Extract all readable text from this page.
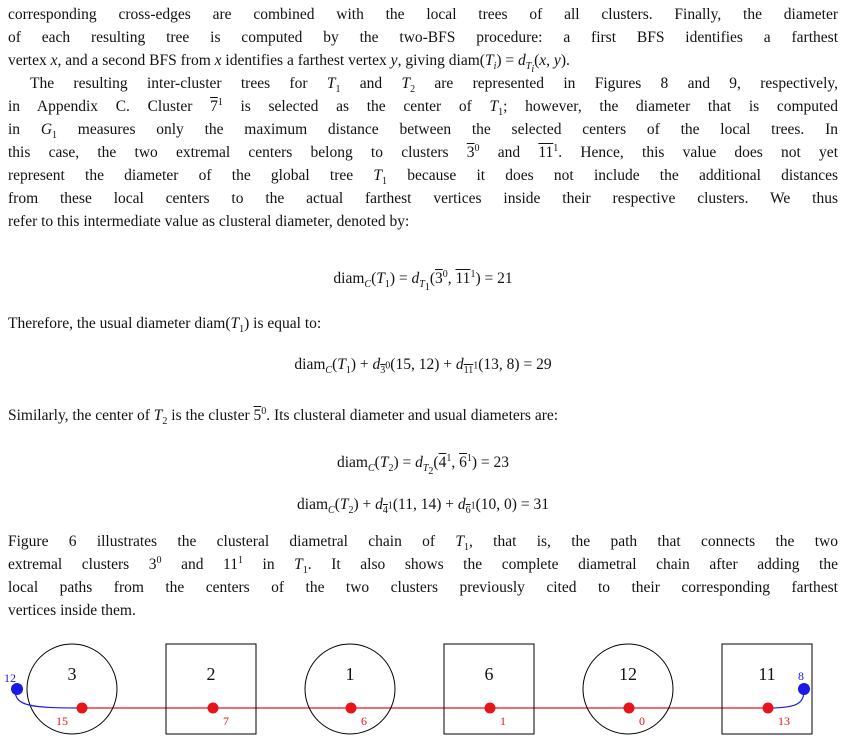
corresponding cross-edges are combined with the local trees of all clusters. Finally, the diameter
of each resulting tree is computed by the two-BFS procedure: a first BFS identifies a farthest
vertex x, and a second BFS from x identifies a farthest vertex y, giving $diam(T_i) = d_{T_i}(x$, y).
The resulting inter-cluster trees for $T_1$ and $T_2$ are represented in Figures 8 and 9, respectively,
in Appendix C. Cluster $7^1$ is selected as the center of $T_1$; however, the diameter that is computed
in $G_1$ measures only the maximum distance between the selected centers of the local trees. In
this case, the two extremal centers belong to clusters $3^0$ and $11^1$. Hence, this value does not yet
represent the diameter of the global tree $T_1$ because it does not include the additional distances
from these local centers to the actual farthest vertices inside their respective clusters. We thus
refer to this intermediate value as clusteral diameter, denoted by:
$diam_C(T_1) = d_{T_1}(3^0$, $11^1) = 21$
Therefore, the usual diameter $diam(T_1)$ is equal to:
$diam_C(T_1) + d_{3^0}(15$, $12) + d_{11^1}(13$, 8) = 29
Similarly, the center of $T_2$ is the cluster $5^0$. Its clusteral diameter and usual diameters are:
$diam_C(T_2) = d_{T_2}(4^1$, $6^1) = 23$
$diam_C(T_2) + d_{4^1}(11$, $14) + d_{6^1}(10$, 0) = 31
Figure 6 illustrates the clusteral diametral chain of $T_1$, that is, the path that connects the two
extremal clusters $3^0$ and $11^1$ in $T_1$. It also shows the complete diametral chain after adding the
local paths from the centers of the two clusters previously cited to their corresponding farthest
vertices inside them.
3	2	1	6	12	11
15	7	6	1	0	13
12	8
